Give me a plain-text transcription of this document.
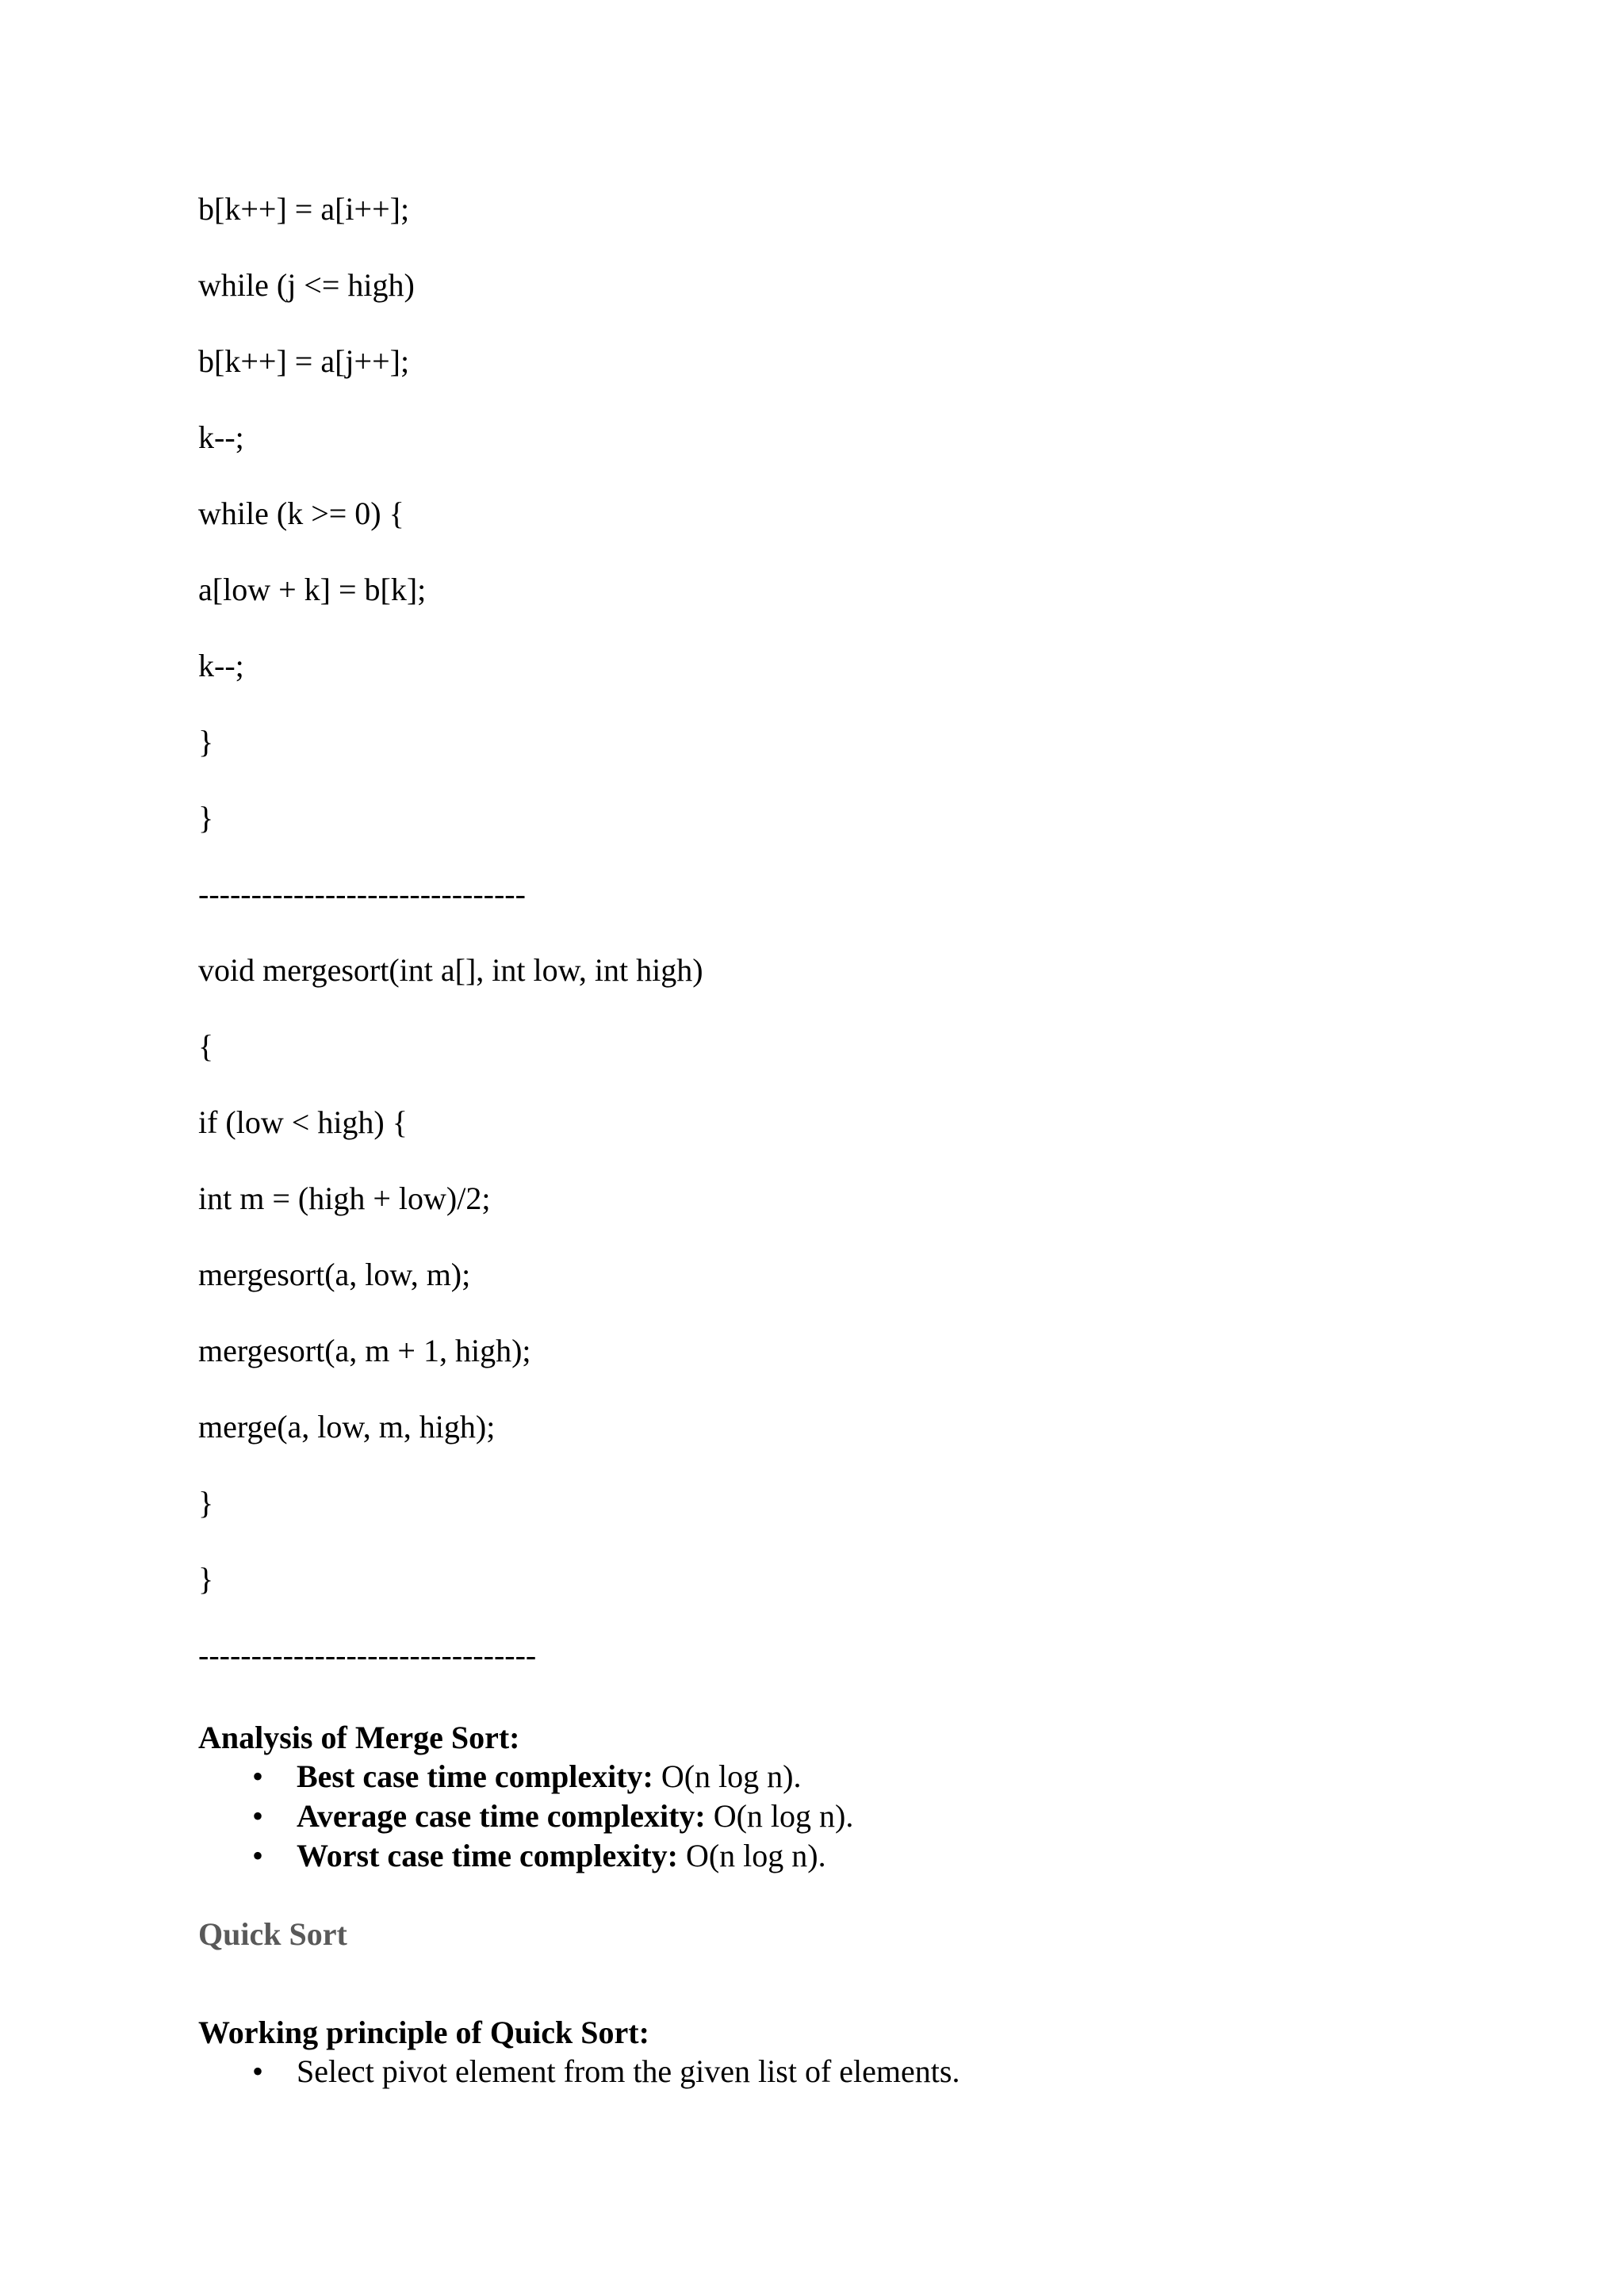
b[k++] = a[i++];
while (j <= high)
b[k++] = a[j++];
k--;
while (k >= 0) {
a[low + k] = b[k];
k--;
}
}
-------------------------------
void mergesort(int a[], int low, int high)
{
if (low < high) {
int m = (high + low)/2;
mergesort(a, low, m);
mergesort(a, m + 1, high);
merge(a, low, m, high);
}
}
--------------------------------

Analysis of Merge Sort:

• Best case time complexity: O(n log n).
• Average case time complexity: O(n log n).
• Worst case time complexity: O(n log n).
Quick Sort

Working principle of Quick Sort:

• Select pivot element from the given list of elements.
